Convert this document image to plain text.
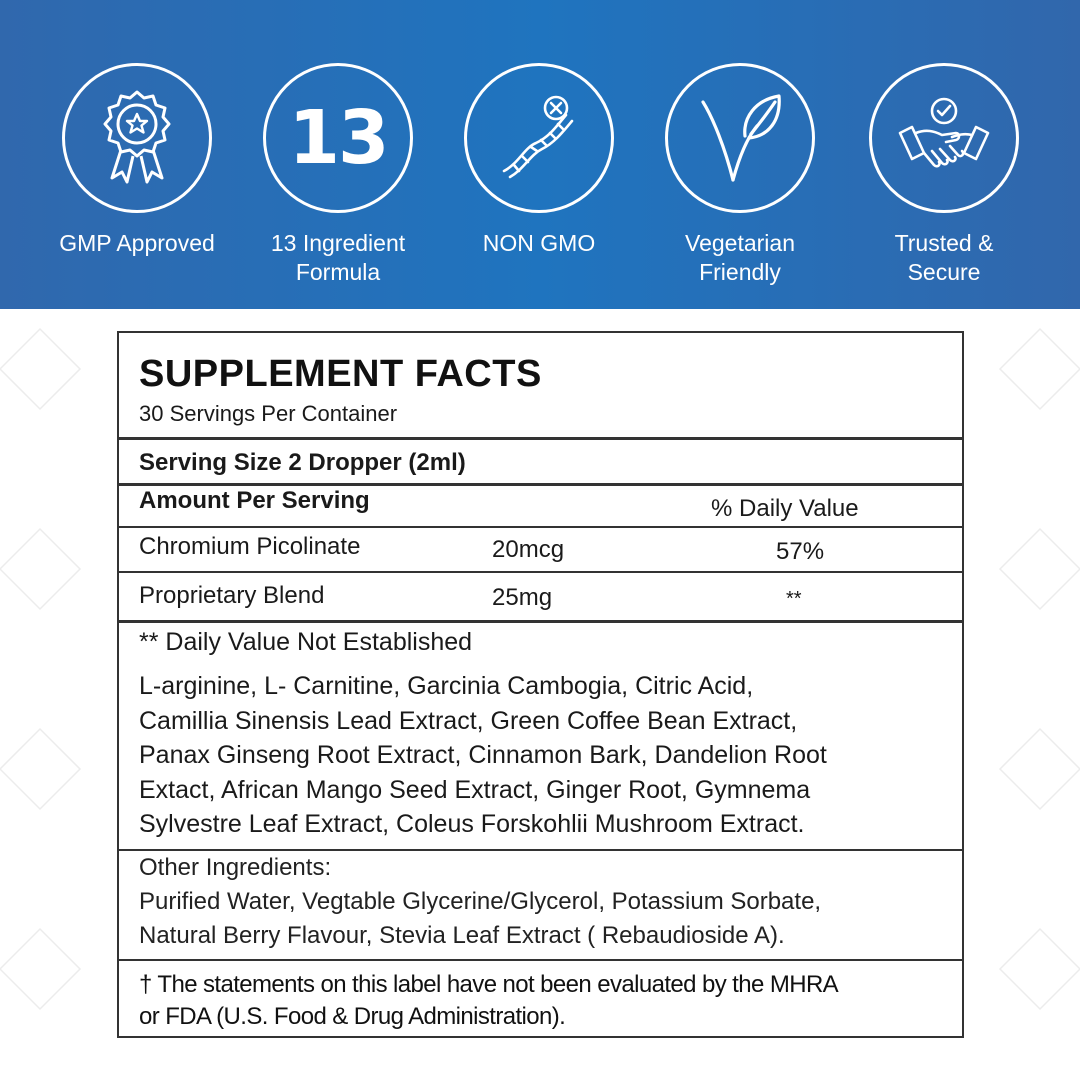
GMP Approved
13
13 Ingredient
Formula
NON GMO	Vegetarian
Friendly
Trusted &
Secure
SUPPLEMENT FACTS
30 Servings Per Container
Serving Size 2 Dropper (2ml)
Amount Per Serving	% Daily Value
Chromium Picolinate	20mcg	57%
Proprietary Blend	25mg	**
** Daily Value Not Established
L-arginine, L- Carnitine, Garcinia Cambogia, Citric Acid,
Camillia Sinensis Lead Extract, Green Coffee Bean Extract,
Panax Ginseng Root Extract, Cinnamon Bark, Dandelion Root
Extact, African Mango Seed Extract, Ginger Root, Gymnema
Sylvestre Leaf Extract, Coleus Forskohlii Mushroom Extract.
Other Ingredients:
Purified Water, Vegtable Glycerine/Glycerol, Potassium Sorbate,
Natural Berry Flavour, Stevia Leaf Extract ( Rebaudioside A).
† The statements on this label have not been evaluated by the MHRA
or FDA (U.S. Food & Drug Administration).
